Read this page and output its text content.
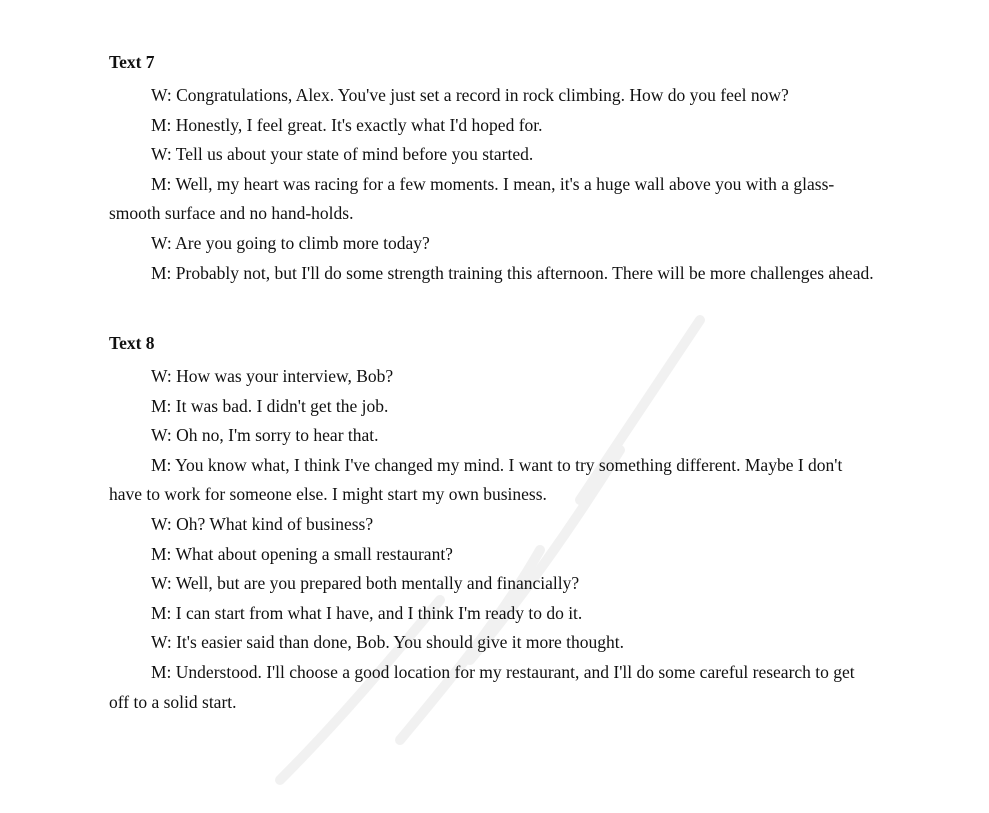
Text 7

W: Congratulations, Alex. You've just set a record in rock climbing. How do you feel now?

M: Honestly, I feel great. It's exactly what I'd hoped for.

W: Tell us about your state of mind before you started.

M: Well, my heart was racing for a few moments. I mean, it's a huge wall above you with a glass-smooth surface and no hand-holds.

W: Are you going to climb more today?

M: Probably not, but I'll do some strength training this afternoon. There will be more challenges ahead.

Text 8

W: How was your interview, Bob?

M: It was bad. I didn't get the job.

W: Oh no, I'm sorry to hear that.

M: You know what, I think I've changed my mind. I want to try something different. Maybe I don't have to work for someone else. I might start my own business.

W: Oh? What kind of business?

M: What about opening a small restaurant?

W: Well, but are you prepared both mentally and financially?

M: I can start from what I have, and I think I'm ready to do it.

W: It's easier said than done, Bob. You should give it more thought.

M: Understood. I'll choose a good location for my restaurant, and I'll do some careful research to get off to a solid start.
